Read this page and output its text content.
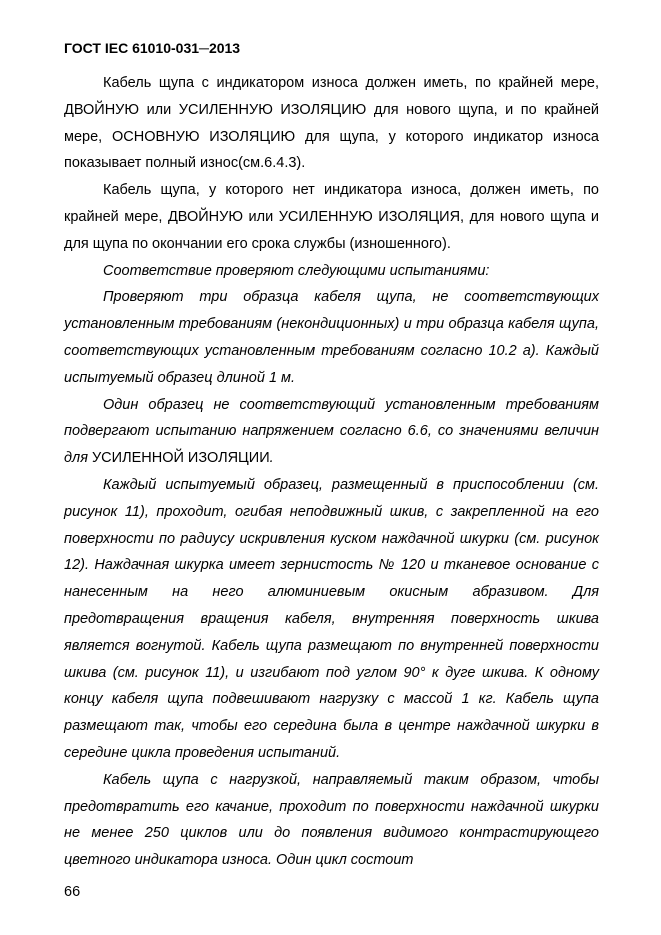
ГОСТ IEC 61010-031─2013

Кабель щупа с индикатором износа должен иметь, по крайней мере, ДВОЙНУЮ или УСИЛЕННУЮ ИЗОЛЯЦИЮ для нового щупа, и по крайней мере, ОСНОВНУЮ ИЗОЛЯЦИЮ для щупа, у которого индикатор износа показывает полный износ(см.6.4.3).

Кабель щупа, у которого нет индикатора износа, должен иметь, по крайней мере, ДВОЙНУЮ или УСИЛЕННУЮ ИЗОЛЯЦИЯ, для нового щупа и для щупа по окончании его срока службы (изношенного).

Соответствие проверяют следующими испытаниями:

Проверяют три образца кабеля щупа, не соответствующих установленным требованиям (некондиционных) и три образца кабеля щупа, соответствующих установленным требованиям согласно 10.2 а). Каждый испытуемый образец длиной 1 м.

Один образец не соответствующий установленным требованиям подвергают испытанию напряжением согласно 6.6, со значениями величин для УСИЛЕННОЙ ИЗОЛЯЦИИ.

Каждый испытуемый образец, размещенный в приспособлении (см. рисунок 11), проходит, огибая неподвижный шкив, с закрепленной на его поверхности по радиусу искривления куском наждачной шкурки (см. рисунок 12). Наждачная шкурка имеет зернистость № 120 и тканевое основание с нанесенным на него алюминиевым окисным абразивом. Для предотвращения вращения кабеля, внутренняя поверхность шкива является вогнутой. Кабель щупа размещают по внутренней поверхности шкива (см. рисунок 11), и изгибают под углом 90° к дуге шкива. К одному концу кабеля щупа подвешивают нагрузку с массой 1 кг. Кабель щупа размещают так, чтобы его середина была в центре наждачной шкурки в середине цикла проведения испытаний.

Кабель щупа с нагрузкой, направляемый таким образом, чтобы предотвратить его качание, проходит по поверхности наждачной шкурки не менее 250 циклов или до появления видимого контрастирующего цветного индикатора износа. Один цикл состоит

66
